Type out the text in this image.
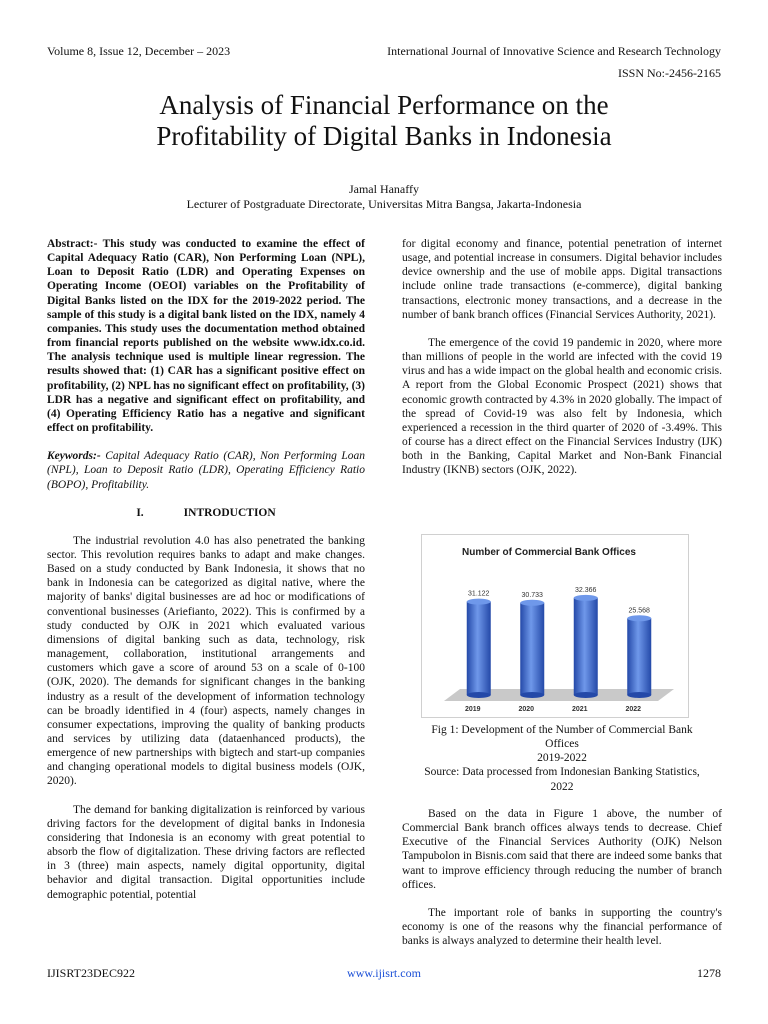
Volume 8, Issue 12, December – 2023	International Journal of Innovative Science and Research Technology
ISSN No:-2456-2165
Analysis of Financial Performance on the
Profitability of Digital Banks in Indonesia
Jamal Hanaffy
Lecturer of Postgraduate Directorate, Universitas Mitra Bangsa, Jakarta-Indonesia

Abstract:- This study was conducted to examine the effect of Capital Adequacy Ratio (CAR), Non Performing Loan (NPL), Loan to Deposit Ratio (LDR) and Operating Expenses on Operating Income (OEOI) variables on the Profitability of Digital Banks listed on the IDX for the 2019-2022 period. The sample of this study is a digital bank listed on the IDX, namely 4 companies. This study uses the documentation method obtained from financial reports published on the website www.idx.co.id. The analysis technique used is multiple linear regression. The results showed that: (1) CAR has a significant positive effect on profitability, (2) NPL has no significant effect on profitability, (3) LDR has a negative and significant effect on profitability, and (4) Operating Efficiency Ratio has a negative and significant effect on profitability.

Keywords:- Capital Adequacy Ratio (CAR), Non Performing Loan (NPL), Loan to Deposit Ratio (LDR), Operating Efficiency Ratio (BOPO), Profitability.

I.	INTRODUCTION

The industrial revolution 4.0 has also penetrated the banking sector. This revolution requires banks to adapt and make changes. Based on a study conducted by Bank Indonesia, it shows that no bank in Indonesia can be categorized as digital native, where the majority of banks' digital businesses are ad hoc or modifications of conventional businesses (Ariefianto, 2022). This is confirmed by a study conducted by OJK in 2021 which evaluated various dimensions of digital banking such as data, technology, risk management, collaboration, institutional arrangements and customers which gave a score of around 53 on a scale of 0-100 (OJK, 2020). The demands for significant changes in the banking industry as a result of the development of information technology can be broadly identified in 4 (four) aspects, namely changes in consumer expectations, improving the quality of banking products and services by utilizing data (dataenhanced products), the emergence of new partnerships with bigtech and start-up companies and changing operational models to digital business models (OJK, 2020).

The demand for banking digitalization is reinforced by various driving factors for the development of digital banks in Indonesia considering that Indonesia is an economy with great potential to absorb the flow of digitalization. These driving factors are reflected in 3 (three) main aspects, namely digital opportunity, digital behavior and digital transaction. Digital opportunities include demographic potential, potential

for digital economy and finance, potential penetration of internet usage, and potential increase in consumers. Digital behavior includes device ownership and the use of mobile apps. Digital transactions include online trade transactions (e-commerce), digital banking transactions, electronic money transactions, and a decrease in the number of bank branch offices (Financial Services Authority, 2021).

The emergence of the covid 19 pandemic in 2020, where more than millions of people in the world are infected with the covid 19 virus and has a wide impact on the global health and economic crisis. A report from the Global Economic Prospect (2021) shows that economic growth contracted by 4.3% in 2020 globally. The impact of the spread of Covid-19 was also felt by Indonesia, which experienced a recession in the third quarter of 2020 of -3.49%. This of course has a direct effect on the Financial Services Industry (IJK) both in the Banking, Capital Market and Non-Bank Financial Industry (IKNB) sectors (OJK, 2022).

Number of Commercial Bank Offices
31.122
2019
30.733
2020
32.366
2021
25.568
2022

Fig 1: Development of the Number of Commercial Bank

Offices

2019-2022

Source: Data processed from Indonesian Banking Statistics,

2022

Based on the data in Figure 1 above, the number of Commercial Bank branch offices always tends to decrease. Chief Executive of the Financial Services Authority (OJK) Nelson Tampubolon in Bisnis.com said that there are indeed some banks that want to improve efficiency through reducing the number of branch offices.

The important role of banks in supporting the country's economy is one of the reasons why the financial performance of banks is always analyzed to determine their health level.

IJISRT23DEC922	www.ijisrt.com	1278
